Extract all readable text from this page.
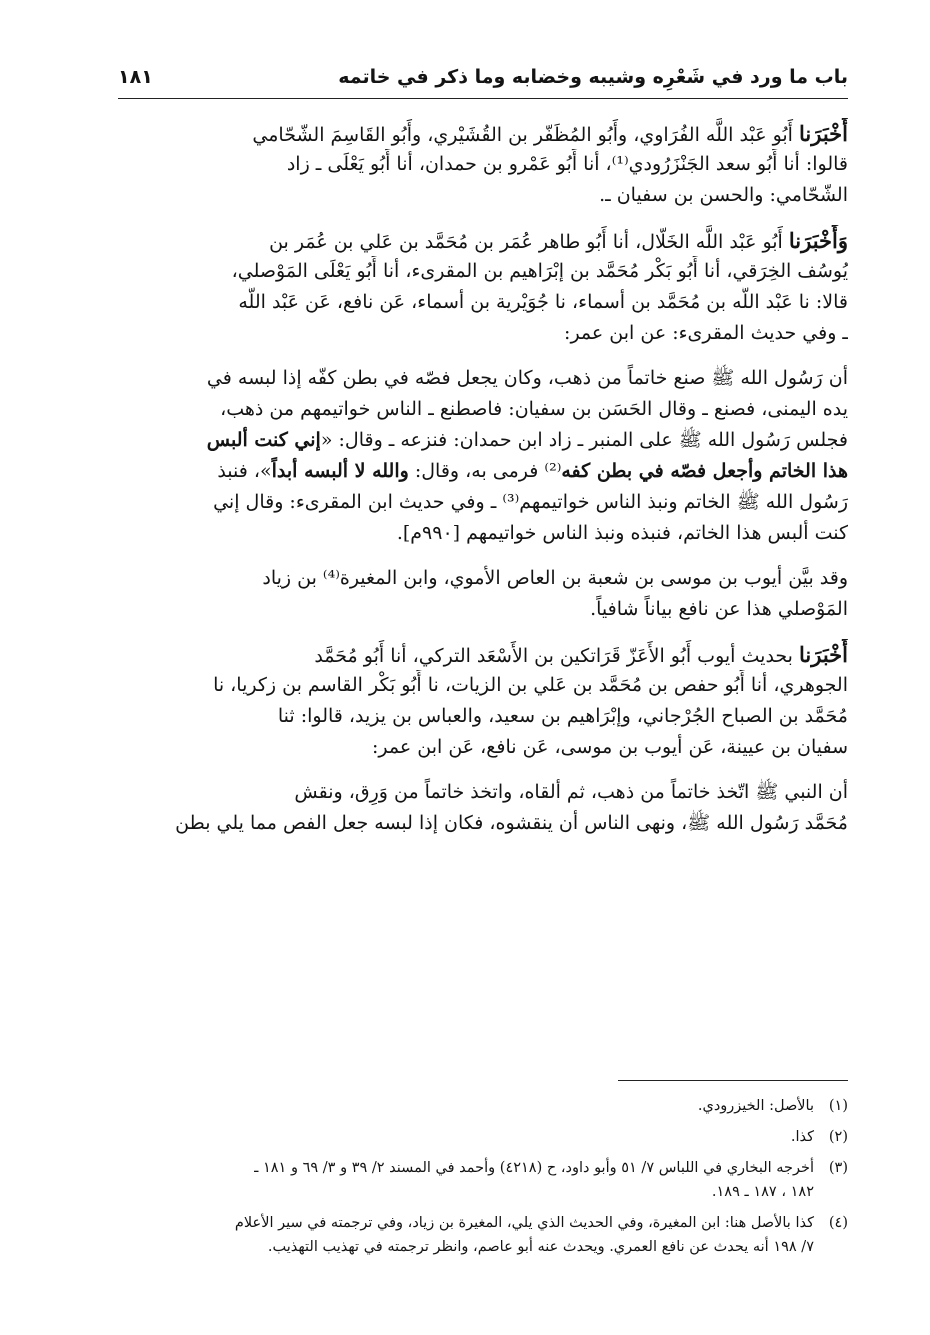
باب ما ورد في شَعْرِه وشيبه وخضابه وما ذكر في خاتمه
١٨١
أَخْبَرَنا أَبُو عَبْد اللَّه الفُرَاوي، وأَبُو المُظَفّر بن القُشَيْري، وأَبُو القَاسِمَ الشّحّامي
قالوا: أنا أَبُو سعد الجَنْزَرُودي⁽¹⁾، أنا أَبُو عَمْرو بن حمدان، أنا أَبُو يَعْلَى ـ زاد
الشّحّامي: والحسن بن سفيان ـ.
وَأَخْبَرَنا أَبُو عَبْد اللَّه الخَلّال، أنا أَبُو طاهر عُمَر بن مُحَمَّد بن عَلي بن عُمَر بن
يُوسُف الخِرَقي، أنا أَبُو بَكْر مُحَمَّد بن إبْرَاهيم بن المقرىء، أنا أَبُو يَعْلَى المَوْصلي،
قالا: نا عَبْد اللَّه بن مُحَمَّد بن أسماء، نا جُوَيْرية بن أسماء، عَن نافع، عَن عَبْد اللَّه
ـ وفي حديث المقرىء: عن ابن عمر:
أن رَسُول الله ﷺ صنع خاتماً من ذهب، وكان يجعل فصّه في بطن كفّه إذا لبسه في
يده اليمنى، فصنع ـ وقال الحَسَن بن سفيان: فاصطنع ـ الناس خواتيمهم من ذهب،
فجلس رَسُول الله ﷺ على المنبر ـ زاد ابن حمدان: فنزعه ـ وقال: «إني كنت ألبس
هذا الخاتم وأجعل فصّه في بطن كفه⁽²⁾ فرمى به، وقال: والله لا ألبسه أبداً»، فنبذ
رَسُول الله ﷺ الخاتم ونبذ الناس خواتيمهم⁽³⁾ ـ وفي حديث ابن المقرىء: وقال إني
كنت ألبس هذا الخاتم، فنبذه ونبذ الناس خواتيمهم [٩٩٠م].
وقد بيَّن أيوب بن موسى بن شعبة بن العاص الأموي، وابن المغيرة⁽⁴⁾ بن زياد
المَوْصلي هذا عن نافع بياناً شافياً.
أَخْبَرَنا بحديث أيوب أَبُو الأَعَزّ قَرَاتكين بن الأَسْعَد التركي، أنا أَبُو مُحَمَّد
الجوهري، أنا أَبُو حفص بن مُحَمَّد بن عَلي بن الزيات، نا أَبُو بَكْر القاسم بن زكريا، نا
مُحَمَّد بن الصباح الجُرْجاني، وإبْرَاهيم بن سعيد، والعباس بن يزيد، قالوا: ثنا
سفيان بن عيينة، عَن أيوب بن موسى، عَن نافع، عَن ابن عمر:
أن النبي ﷺ اتّخذ خاتماً من ذهب، ثم ألقاه، واتخذ خاتماً من وَرِق، ونقش
مُحَمَّد رَسُول الله ﷺ، ونهى الناس أن ينقشوه، فكان إذا لبسه جعل الفص مما يلي بطن
(١)بالأصل: الخيزرودي.
(٢)كذا.
(٣)أخرجه البخاري في اللباس ٧/ ٥١ وأبو داود، ح (٤٢١٨) وأحمد في المسند ٢/ ٣٩ و ٣/ ٦٩ و ١٨١ ـ
١٨٢ ، ١٨٧ ـ ١٨٩.
(٤)كذا بالأصل هنا: ابن المغيرة، وفي الحديث الذي يلي، المغيرة بن زياد، وفي ترجمته في سير الأعلام
٧/ ١٩٨ أنه يحدث عن نافع العمري. ويحدث عنه أبو عاصم، وانظر ترجمته في تهذيب التهذيب.
